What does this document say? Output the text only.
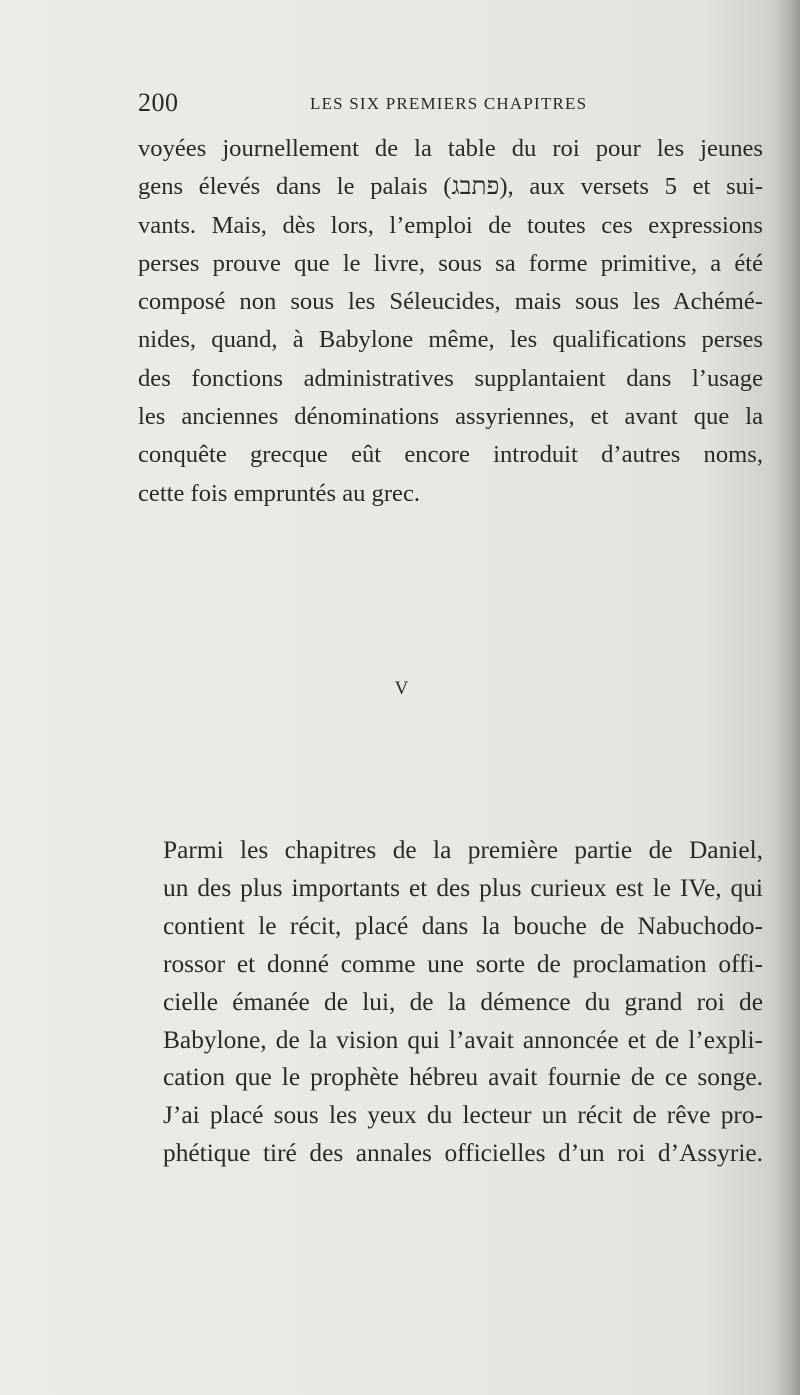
200	LES SIX PREMIERS CHAPITRES

voyées journellement de la table du roi pour les jeunes
gens élevés dans le palais (פתבג), aux versets 5 et sui-
vants. Mais, dès lors, l’emploi de toutes ces expressions
perses prouve que le livre, sous sa forme primitive, a été
composé non sous les Séleucides, mais sous les Achémé-
nides, quand, à Babylone même, les qualifications perses
des fonctions administratives supplantaient dans l’usage
les anciennes dénominations assyriennes, et avant que la
conquête grecque eût encore introduit d’autres noms,
cette fois empruntés au grec.

V

Parmi les chapitres de la première partie de Daniel,
un des plus importants et des plus curieux est le IVe, qui
contient le récit, placé dans la bouche de Nabuchodo-
rossor et donné comme une sorte de proclamation offi-
cielle émanée de lui, de la démence du grand roi de
Babylone, de la vision qui l’avait annoncée et de l’expli-
cation que le prophète hébreu avait fournie de ce songe.
J’ai placé sous les yeux du lecteur un récit de rêve pro-
phétique tiré des annales officielles d’un roi d’Assyrie.
